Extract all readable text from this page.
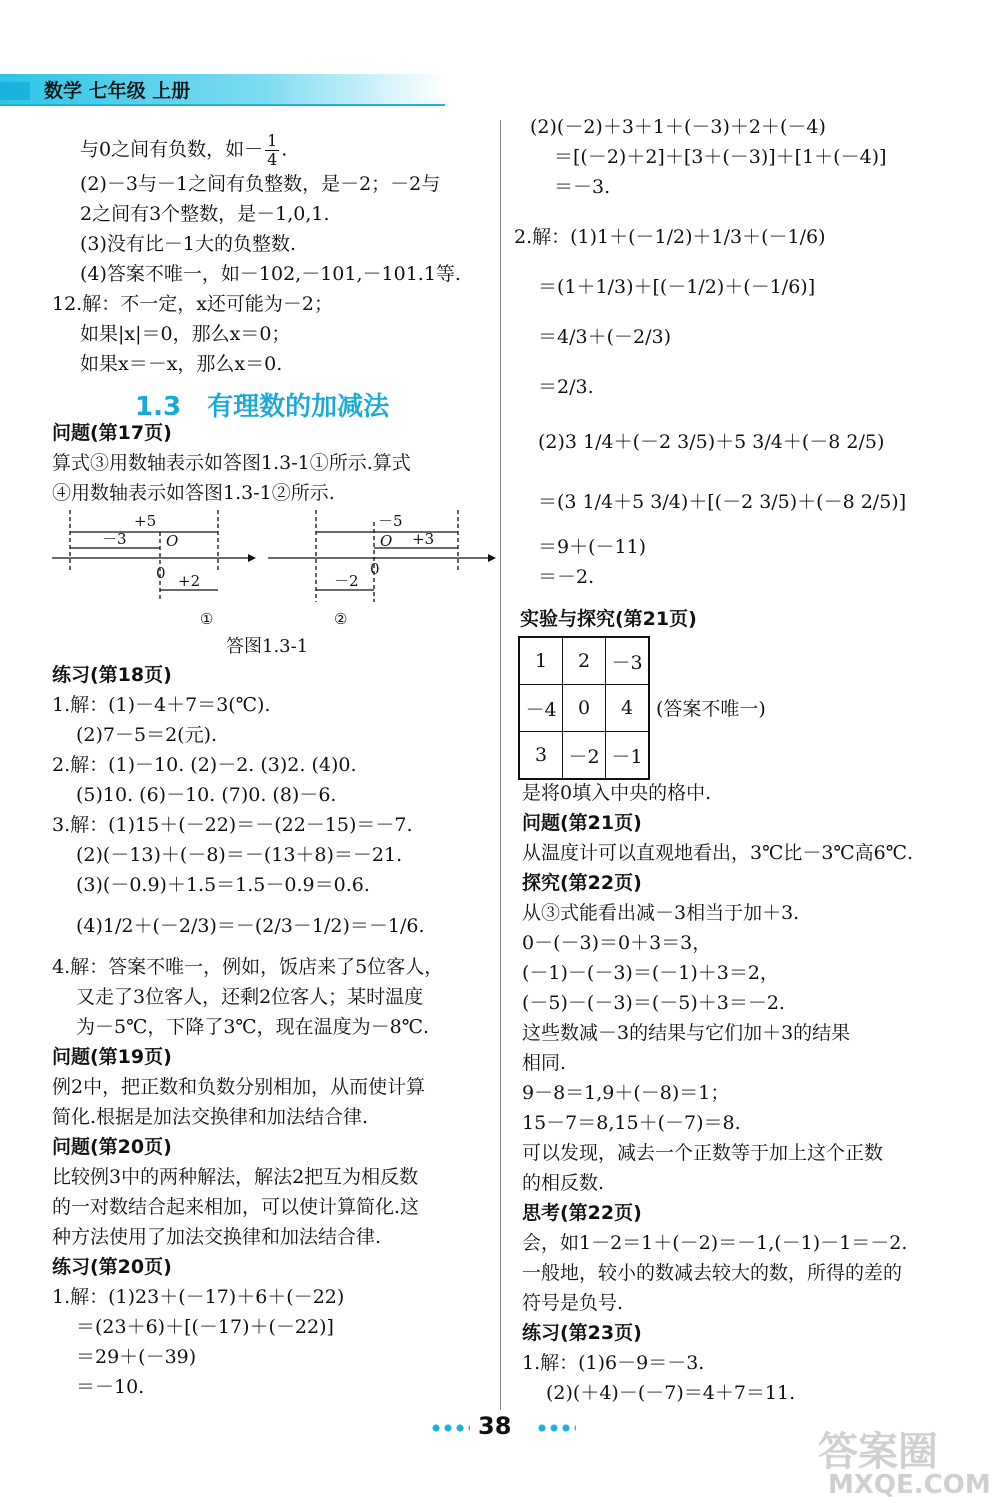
数学 七年级 上册
与0之间有负数，如－ $\frac{1}{4}$ .
(2)－3与－1之间有负整数，是－2；－2与
2之间有3个整数，是－1,0,1.
(3)没有比－1大的负整数.
(4)答案不唯一，如－102,－101,－101.1等.
12.解：不一定，x还可能为－2；
如果|x|＝0，那么x＝0；
如果x＝－x，那么x＝0.
1.3 有理数的加减法
问题(第17页)
算式③用数轴表示如答图1.3-1①所示.算式
④用数轴表示如答图1.3-1②所示.
+5
－3	O
0 +2
①
－5
O +3
0
－2
②
答图1.3-1
练习(第18页)
1.解：(1)－4＋7＝3(℃).
(2)7－5＝2(元).
2.解：(1)－10. (2)－2. (3)2. (4)0.
(5)10. (6)－10. (7)0. (8)－6.
3.解：(1)15＋(－22)＝－(22－15)＝－7.
(2)(－13)＋(－8)＝－(13＋8)＝－21.
(3)(－0.9)＋1.5＝1.5－0.9＝0.6.
(4)1/2＋(－2/3)＝－(2/3－1/2)＝－1/6.
4.解：答案不唯一，例如，饭店来了5位客人，
又走了3位客人，还剩2位客人；某时温度
为－5℃，下降了3℃，现在温度为－8℃.
问题(第19页)
例2中，把正数和负数分别相加，从而使计算
简化.根据是加法交换律和加法结合律.
问题(第20页)
比较例3中的两种解法，解法2把互为相反数
的一对数结合起来相加，可以使计算简化.这
种方法使用了加法交换律和加法结合律.
练习(第20页)
1.解：(1)23＋(－17)＋6＋(－22)
＝(23＋6)＋[(－17)＋(－22)]
＝29＋(－39)
＝－10.
(2)(－2)＋3＋1＋(－3)＋2＋(－4)
＝[(－2)＋2]＋[3＋(－3)]＋[1＋(－4)]
＝－3.
2.解：(1)1＋(－1/2)＋1/3＋(－1/6)
＝(1＋1/3)＋[(－1/2)＋(－1/6)]
＝4/3＋(－2/3)
＝2/3.
(2)3 1/4＋(－2 3/5)＋5 3/4＋(－8 2/5)
＝(3 1/4＋5 3/4)＋[(－2 3/5)＋(－8 2/5)]
＝9＋(－11)
＝－2.
实验与探究(第21页)
1	2	－3
－4	0	4
3	－2	－1
(答案不唯一)
是将0填入中央的格中.
问题(第21页)
从温度计可以直观地看出，3℃比－3℃高6℃.
探究(第22页)
从③式能看出减－3相当于加＋3.
0－(－3)＝0＋3＝3，
(－1)－(－3)＝(－1)＋3＝2，
(－5)－(－3)＝(－5)＋3＝－2.
这些数减－3的结果与它们加＋3的结果
相同.
9－8＝1,9＋(－8)＝1；
15－7＝8,15＋(－7)＝8.
可以发现，减去一个正数等于加上这个正数
的相反数.
思考(第22页)
会，如1－2＝1＋(－2)＝－1,(－1)－1＝－2.
一般地，较小的数减去较大的数，所得的差的
符号是负号.
练习(第23页)
1.解：(1)6－9＝－3.
(2)(＋4)－(－7)＝4＋7＝11.
38
答案圈
MXQE.COM
